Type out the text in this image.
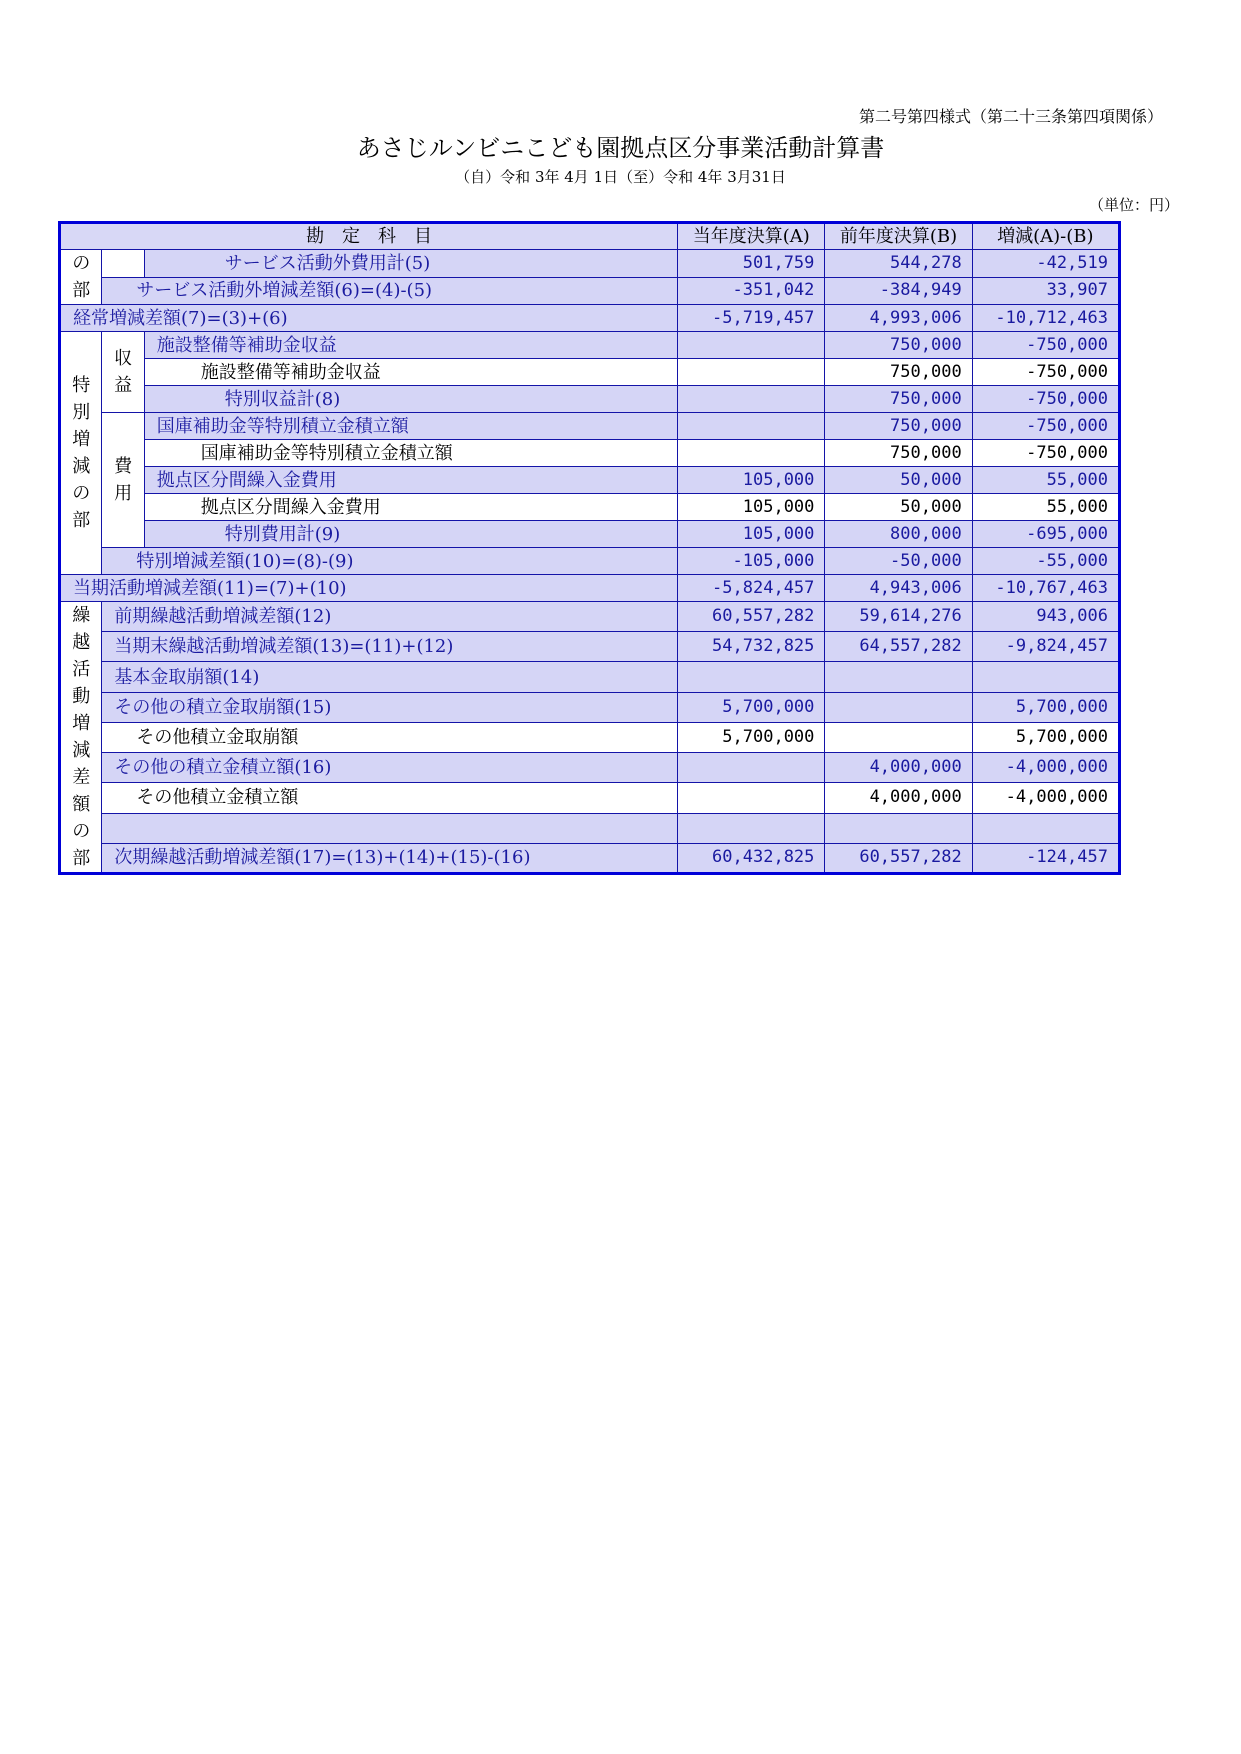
第二号第四様式（第二十三条第四項関係）
あさじルンビニこども園拠点区分事業活動計算書
（自）令和 3年 4月 1日（至）令和 4年 3月31日
（単位：円）
勘　定　科　目			当年度決算(A)	前年度決算(B)	増減(A)-(B)
の部		サービス活動外費用計(5)	501,759	544,278	-42,519
	サービス活動外増減差額(6)=(4)-(5)		-351,042	-384,949	33,907
経常増減差額(7)=(3)+(6)			-5,719,457	4,993,006	-10,712,463
特別増減の部	収益	施設整備等補助金収益		750,000	-750,000
		施設整備等補助金収益		750,000	-750,000
		特別収益計(8)		750,000	-750,000
	費用	国庫補助金等特別積立金積立額		750,000	-750,000
		国庫補助金等特別積立金積立額		750,000	-750,000
		拠点区分間繰入金費用	105,000	50,000	55,000
		拠点区分間繰入金費用	105,000	50,000	55,000
		特別費用計(9)	105,000	800,000	-695,000
	特別増減差額(10)=(8)-(9)		-105,000	-50,000	-55,000
当期活動増減差額(11)=(7)+(10)			-5,824,457	4,943,006	-10,767,463
繰越活動増減差額の部	前期繰越活動増減差額(12)		60,557,282	59,614,276	943,006
	当期末繰越活動増減差額(13)=(11)+(12)		54,732,825	64,557,282	-9,824,457
	基本金取崩額(14)				
	その他の積立金取崩額(15)		5,700,000		5,700,000
	その他積立金取崩額		5,700,000		5,700,000
	その他の積立金積立額(16)			4,000,000	-4,000,000
	その他積立金積立額			4,000,000	-4,000,000

	次期繰越活動増減差額(17)=(13)+(14)+(15)-(16)		60,432,825	60,557,282	-124,457
